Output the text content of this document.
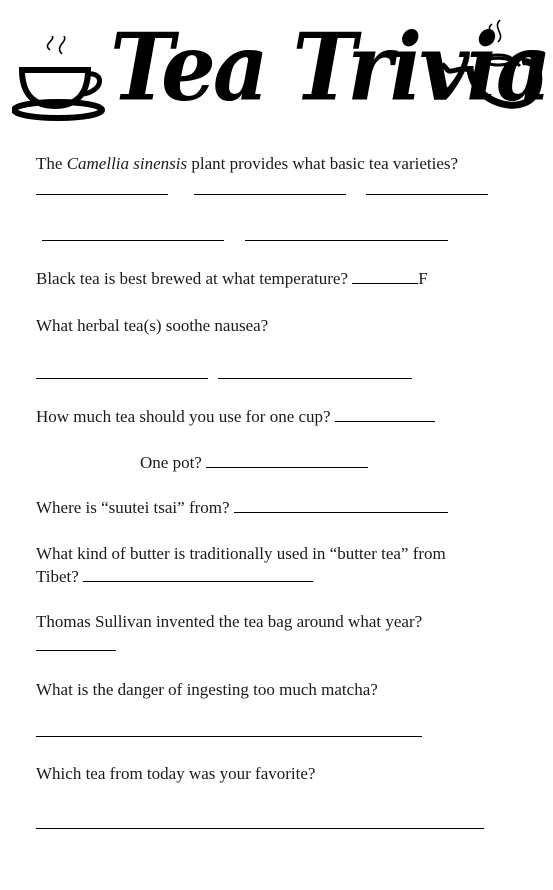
Tea Trivia
The Camellia sinensis plant provides what basic tea varieties?
Black tea is best brewed at what temperature?	F
What herbal tea(s) soothe nausea?
How much tea should you use for one cup?
One pot?
Where is “suutei tsai” from?
What kind of butter is traditionally used in “butter tea” from
Tibet?
Thomas Sullivan invented the tea bag around what year?
What is the danger of ingesting too much matcha?
Which tea from today was your favorite?
